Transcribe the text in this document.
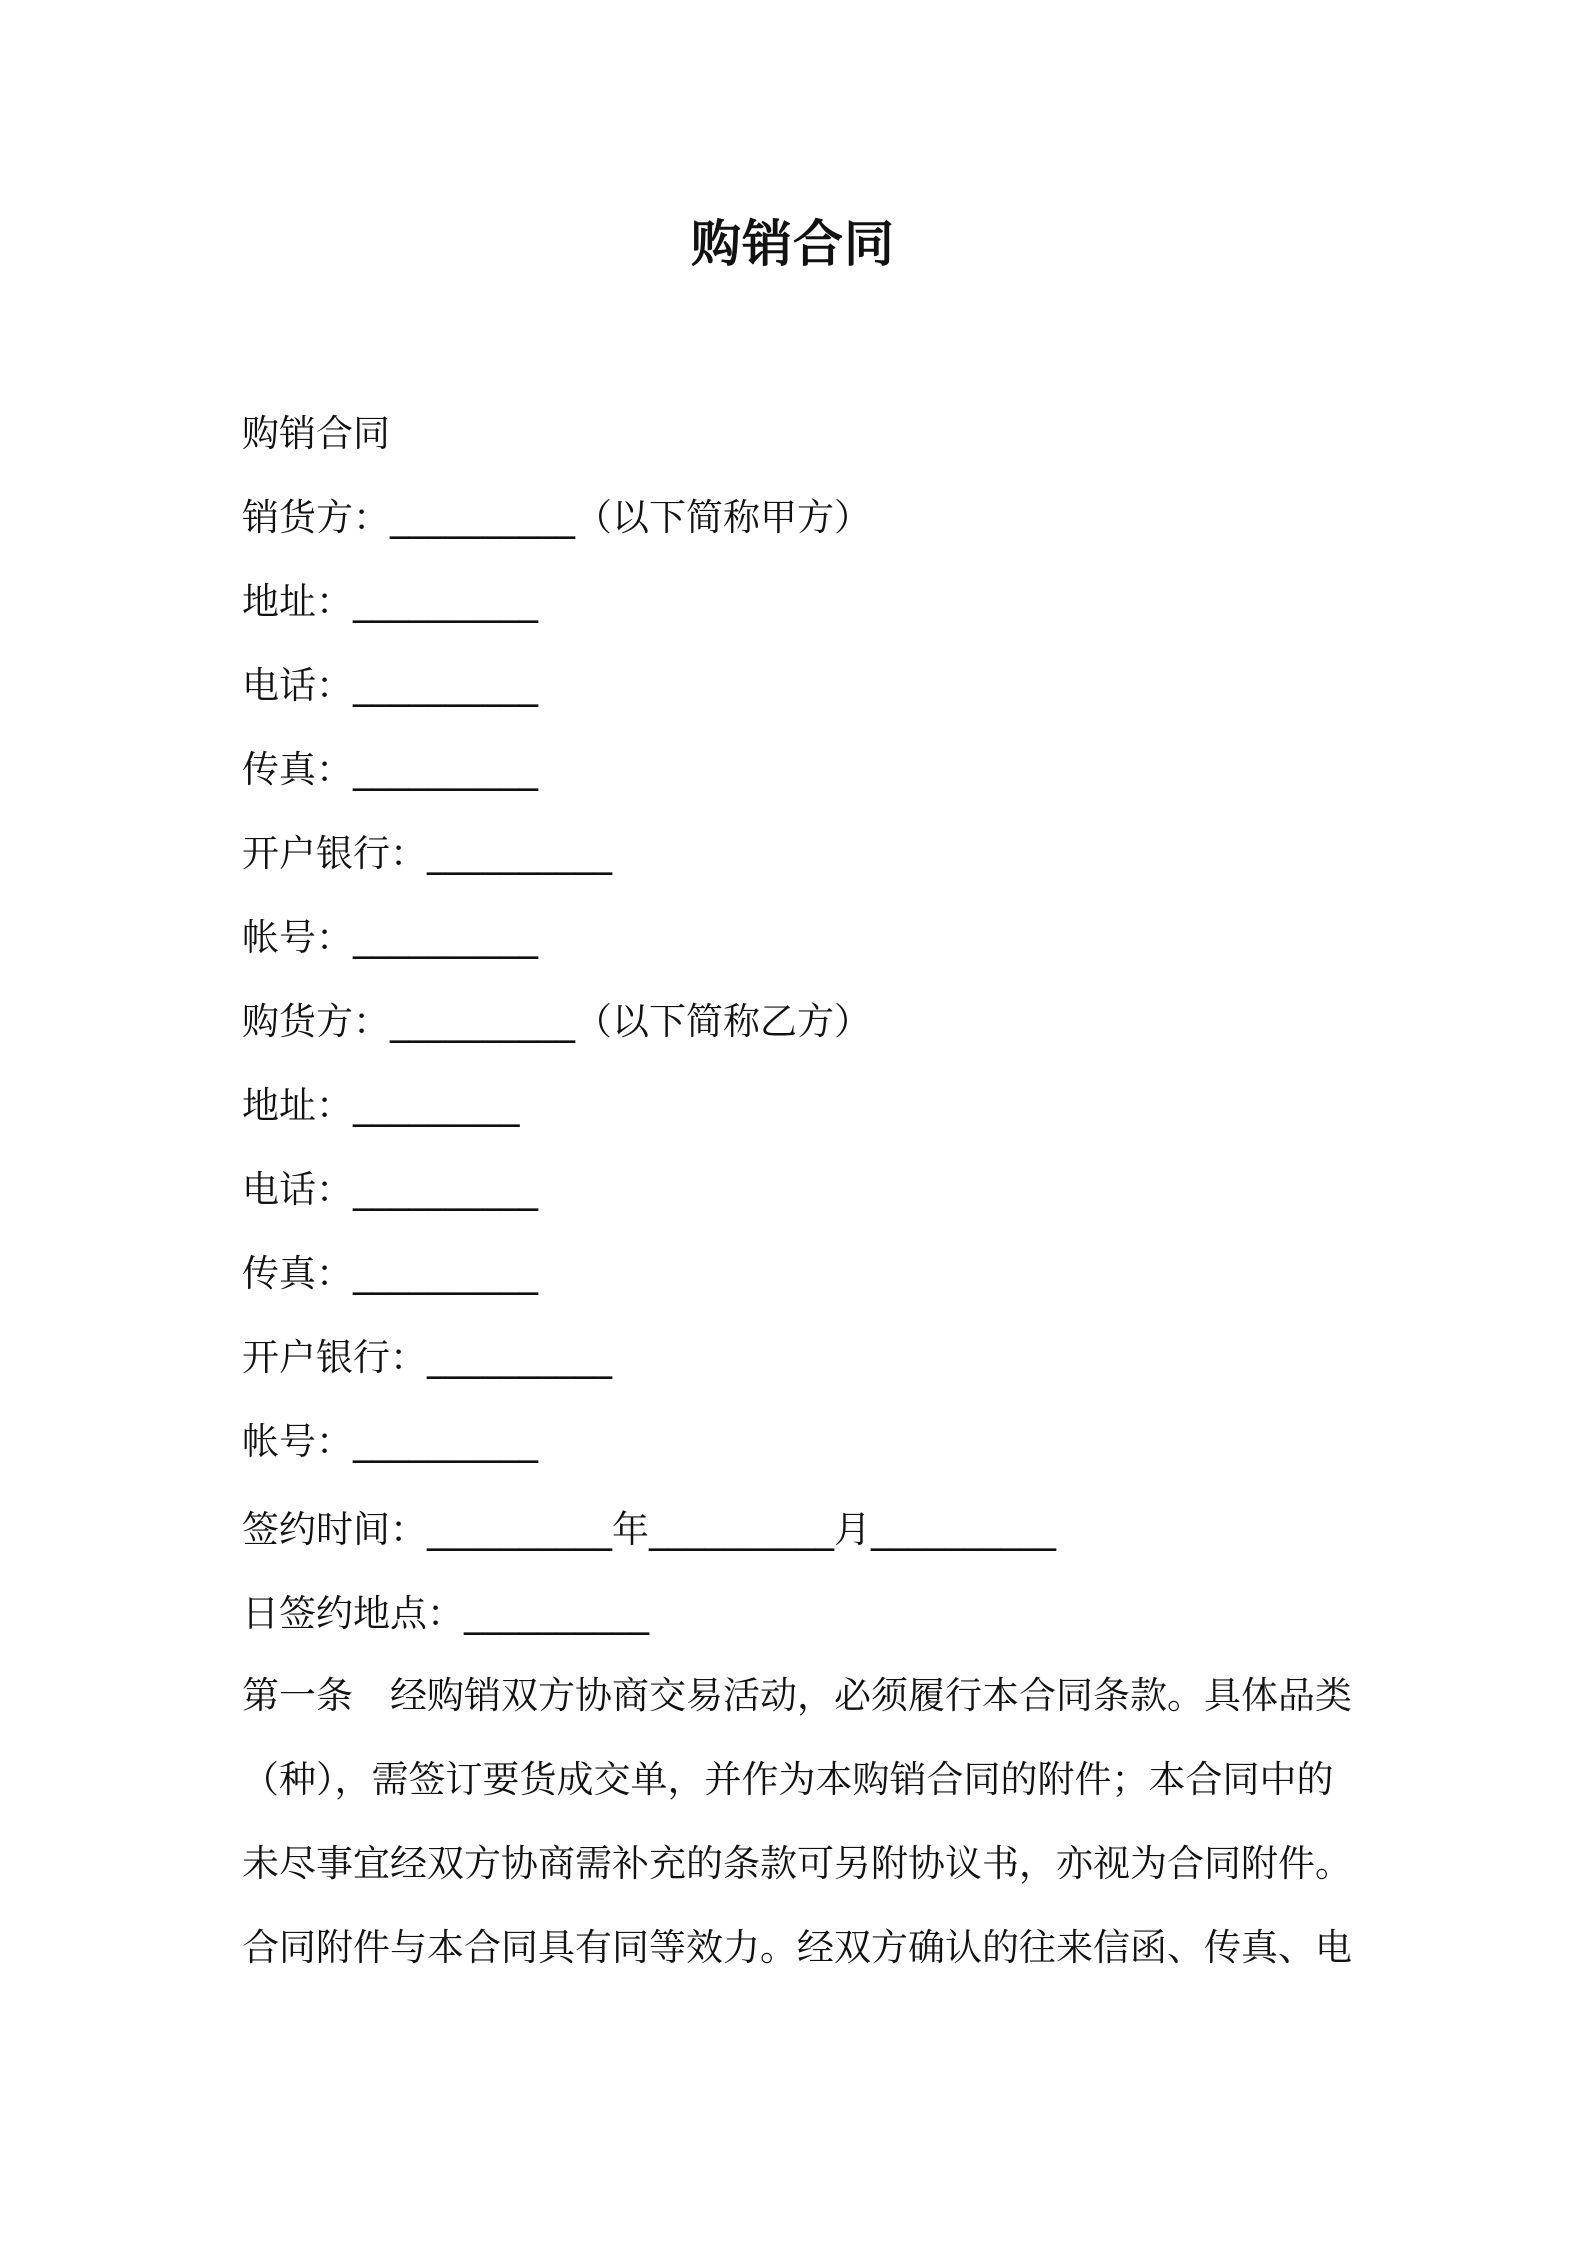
购销合同
购销合同
销货方：__________（以下简称甲方）
地址：__________
电话：__________
传真：__________
开户银行：__________
帐号：__________
购货方：__________（以下简称乙方）
地址：_________
电话：__________
传真：__________
开户银行：__________
帐号：__________
签约时间：__________年__________月__________
日签约地点：__________
第一条　经购销双方协商交易活动，必须履行本合同条款。具体品类
（种），需签订要货成交单，并作为本购销合同的附件；本合同中的
未尽事宜经双方协商需补充的条款可另附协议书，亦视为合同附件。
合同附件与本合同具有同等效力。经双方确认的往来信函、传真、电
